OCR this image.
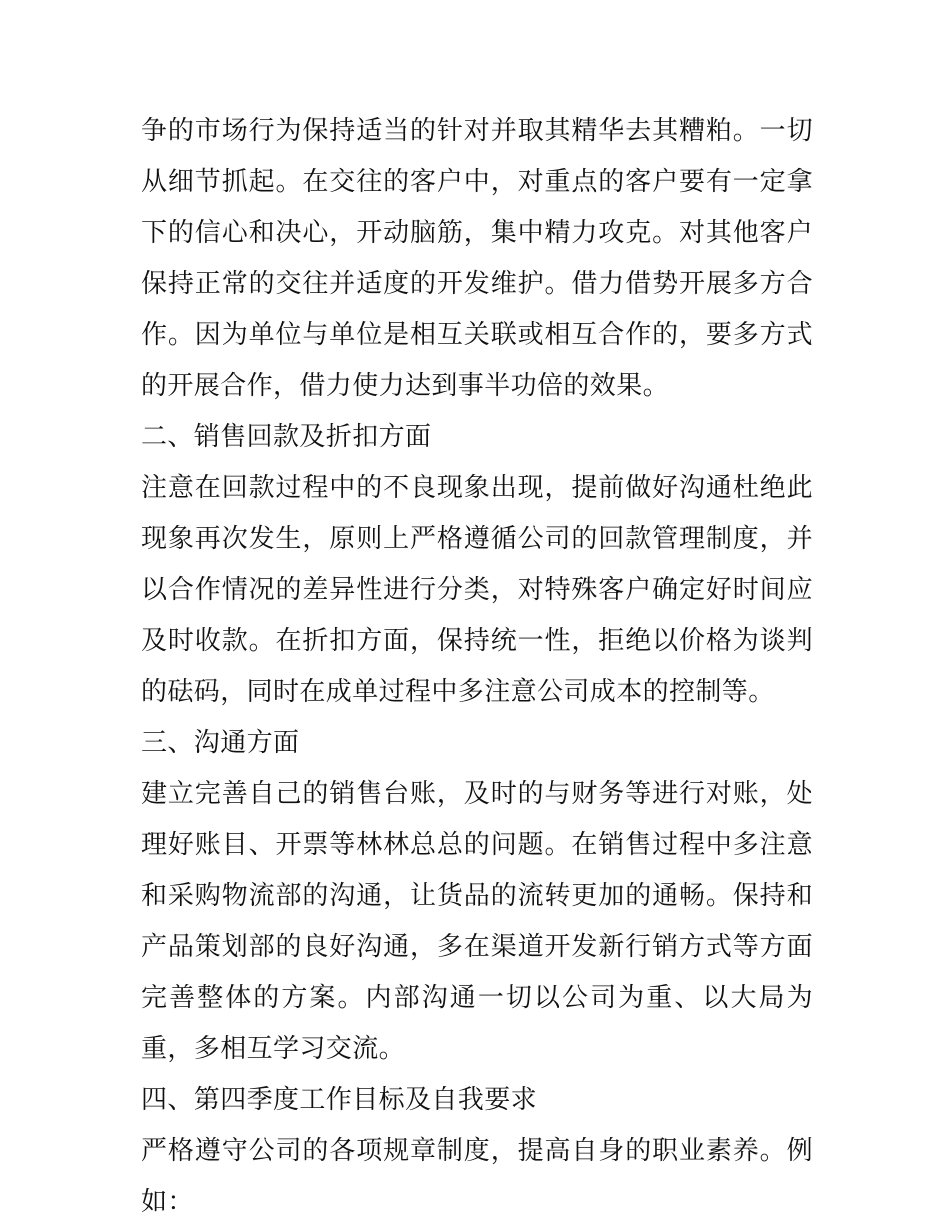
争的市场行为保持适当的针对并取其精华去其糟粕。一切从细节抓起。在交往的客户中，对重点的客户要有一定拿下的信心和决心，开动脑筋，集中精力攻克。对其他客户保持正常的交往并适度的开发维护。借力借势开展多方合作。因为单位与单位是相互关联或相互合作的，要多方式的开展合作，借力使力达到事半功倍的效果。

二、销售回款及折扣方面

注意在回款过程中的不良现象出现，提前做好沟通杜绝此现象再次发生，原则上严格遵循公司的回款管理制度，并以合作情况的差异性进行分类，对特殊客户确定好时间应及时收款。在折扣方面，保持统一性，拒绝以价格为谈判的砝码，同时在成单过程中多注意公司成本的控制等。

三、沟通方面

建立完善自己的销售台账，及时的与财务等进行对账，处理好账目、开票等林林总总的问题。在销售过程中多注意和采购物流部的沟通，让货品的流转更加的通畅。保持和产品策划部的良好沟通，多在渠道开发新行销方式等方面完善整体的方案。内部沟通一切以公司为重、以大局为重，多相互学习交流。

四、第四季度工作目标及自我要求

严格遵守公司的各项规章制度，提高自身的职业素养。例如：
